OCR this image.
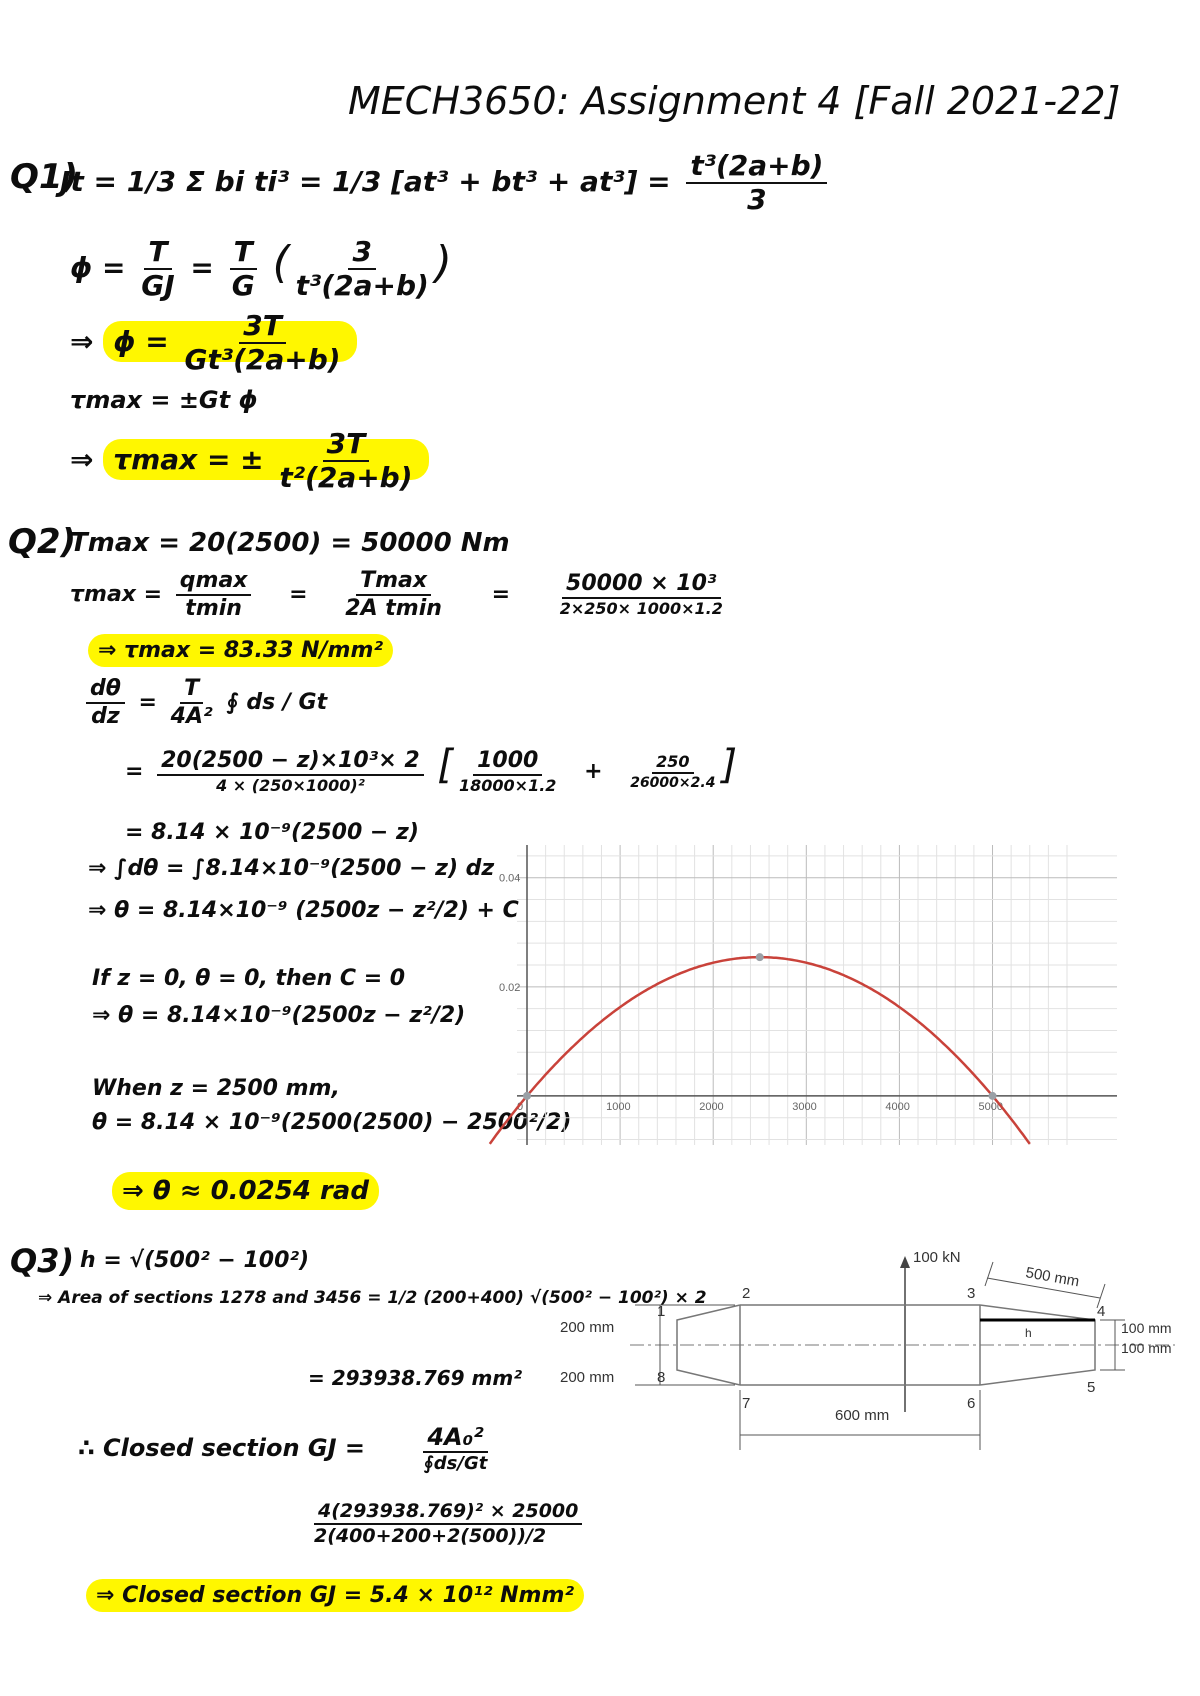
MECH3650: Assignment 4 [Fall 2021-22]
Q1)
Jt = 1/3 Σ bi ti³ = 1/3 $[at^3 + bt^3 + at^3] = \frac{\text{t³(2a+b)}}{3}$
$\phi = \frac{T}{GJ} = \frac{T}{G}$ ( $\frac{3}{\text{t³(2a+b)}}$ )
⇒ $\phi = \frac{3T}{\text{Gt³(2a+b)}}$
τmax = ±Gt ϕ
⇒ τmax = ± $\frac{3T}{\text{t²(2a+b)}}$
Q2)
Tmax = 20(2500) = 50000 Nm
$\tau\max = \frac{qmax}{tmin} = \frac{Tmax}{\text{2A tmin}} = \frac{\text{50000 × 10³}}{2\times 250\times 1000\times 1.2}$
⇒ τmax = 83.33 N/mm²
$\frac{d\theta}{dz} = \frac{T}{\text{4A²}}$ ∮ ds / Gt
= $\frac{\text{20(2500 − z)×10³× 2}}{\text{4 × (250×1000)²}}$ [ $\frac{1000}{18000\times 1.2} + \frac{250}{26000\times 2.4}$ ]
= 8.14 × 10⁻⁹(2500 − z)
⇒ ∫dθ = ∫8.14×10⁻⁹(2500 − z) dz
⇒ θ = 8.14×10⁻⁹ (2500z − z²/2) + C
If z = 0, θ = 0, then C = 0
⇒ θ = 8.14×10⁻⁹(2500z − z²/2)
When z = 2500 mm,
θ = 8.14 × 10⁻⁹(2500(2500) − 2500²/2)
⇒ θ ≈ 0.0254 rad
0	1000	2000	3000	4000	5000
0.02
0.04
Q3) h = √(500² − 100²)
⇒ Area of sections 1278 and 3456 = 1/2 (200+400) √(500² − 100²) × 2
= 293938.769 mm²
∴ Closed section GJ = $\frac{\text{4A₀²}}{∮ds/Gt}$
$\frac{\text{4(293938.769)² × 25000}}{2(400+200+2(500))/2}$
⇒ Closed section GJ = 5.4 × 10¹² Nmm²
100 kN
h
500 mm
200 mm
200 mm
100 mm
100 mm
600 mm
1
2	3
4
5
6
7
8
